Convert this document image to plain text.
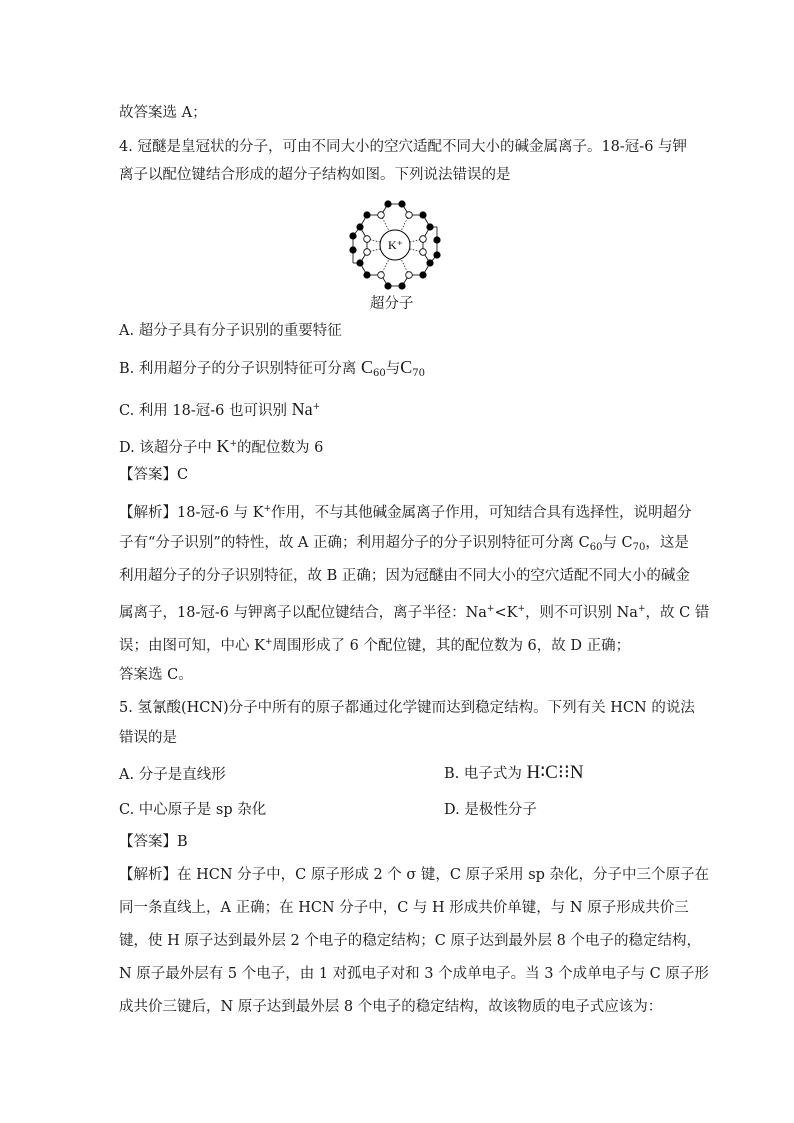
故答案选 A；
4. 冠醚是皇冠状的分子，可由不同大小的空穴适配不同大小的碱金属离子。18-冠-6 与钾
离子以配位键结合形成的超分子结构如图。下列说法错误的是
K⁺
超分子
A. 超分子具有分子识别的重要特征
B. 利用超分子的分子识别特征可分离 $C_{60}$与$C_{70}$
C. 利用 18-冠-6 也可识别 Na+
D. 该超分子中 K+的配位数为 6
【答案】C
【解析】18-冠-6 与 K+作用，不与其他碱金属离子作用，可知结合具有选择性，说明超分
子有“分子识别”的特性，故 A 正确；利用超分子的分子识别特征可分离 $C_{60}$与 $C_{70}$，这是
利用超分子的分子识别特征，故 B 正确；因为冠醚由不同大小的空穴适配不同大小的碱金
属离子，18-冠-6 与钾离子以配位键结合，离子半径：Na+<K+，则不可识别 Na+，故 C 错
误；由图可知，中心 K+周围形成了 6 个配位键，其的配位数为 6，故 D 正确；
答案选 C。
5. 氢氰酸(HCN)分子中所有的原子都通过化学键而达到稳定结构。下列有关 HCN 的说法
错误的是
A. 分子是直线形	B. 电子式为 H∶C⁝⁝N
C. 中心原子是 sp 杂化	D. 是极性分子
【答案】B
【解析】在 HCN 分子中，C 原子形成 2 个 σ 键，C 原子采用 sp 杂化，分子中三个原子在
同一条直线上，A 正确；在 HCN 分子中，C 与 H 形成共价单键，与 N 原子形成共价三
键，使 H 原子达到最外层 2 个电子的稳定结构；C 原子达到最外层 8 个电子的稳定结构，
N 原子最外层有 5 个电子，由 1 对孤电子对和 3 个成单电子。当 3 个成单电子与 C 原子形
成共价三键后，N 原子达到最外层 8 个电子的稳定结构，故该物质的电子式应该为：
